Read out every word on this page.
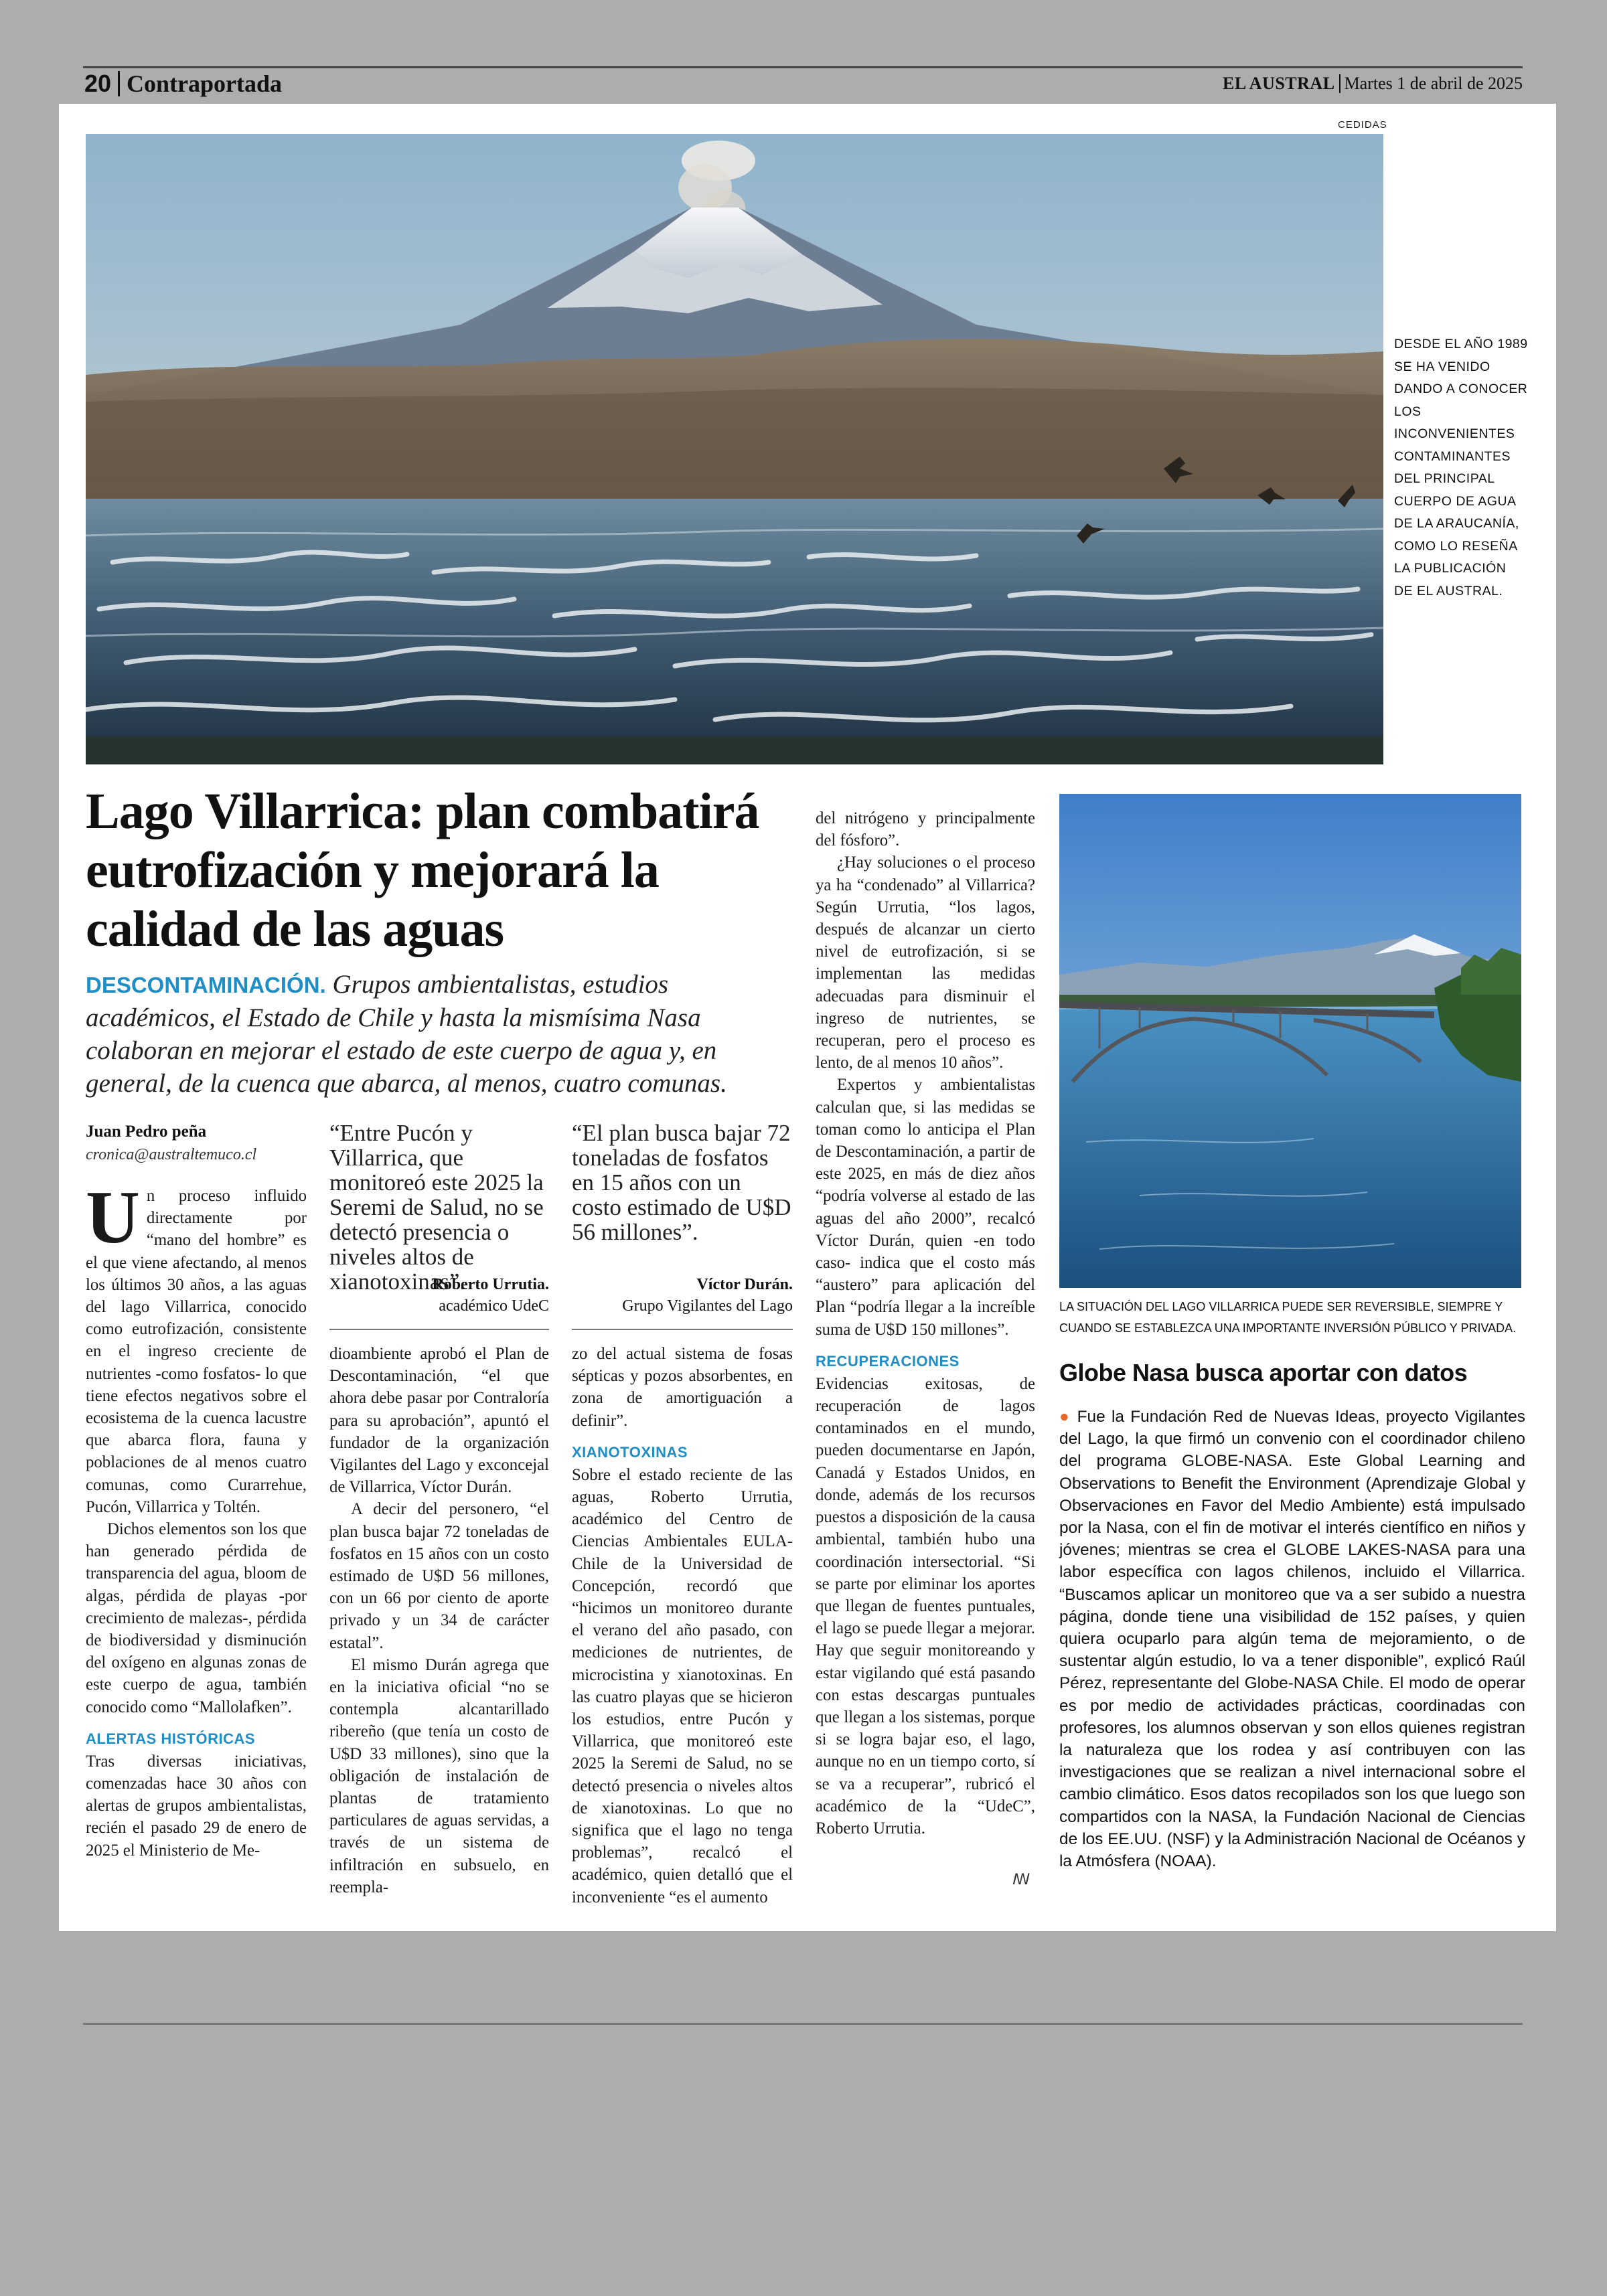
20 Contraportada	EL AUSTRAL Martes 1 de abril de 2025
CEDIDAS
DESDE EL AÑO 1989 SE HA VENIDO DANDO A CONOCER LOS INCONVENIENTES CONTAMINANTES DEL PRINCIPAL CUERPO DE AGUA DE LA ARAUCANÍA, COMO LO RESEÑA LA PUBLICACIÓN DE EL AUSTRAL.
Lago Villarrica: plan combatirá eutrofización y mejorará la calidad de las aguas
DESCONTAMINACIÓN. Grupos ambientalistas, estudios académicos, el Estado de Chile y hasta la mismísima Nasa colaboran en mejorar el estado de este cuerpo de agua y, en general, de la cuenca que abarca, al menos, cuatro comunas.
Juan Pedro peña
cronica@australtemuco.cl

Un proceso influido directamente por “mano del hombre” es el que viene afectando, al menos los últimos 30 años, a las aguas del lago Villarrica, conocido como eutrofización, consistente en el ingreso creciente de nutrientes -como fosfatos- lo que tiene efectos negativos sobre el ecosistema de la cuenca lacustre que abarca flora, fauna y poblaciones de al menos cuatro comunas, como Curarrehue, Pucón, Villarrica y Toltén.

Dichos elementos son los que han generado pérdida de transparencia del agua, bloom de algas, pérdida de playas -por crecimiento de malezas-, pérdida de biodiversidad y disminución del oxígeno en algunas zonas de este cuerpo de agua, también conocido como “Mallolafken”.

ALERTAS HISTÓRICAS

Tras diversas iniciativas, comenzadas hace 30 años con alertas de grupos ambientalistas, recién el pasado 29 de enero de 2025 el Ministerio de Me-

“Entre Pucón y Villarrica, que monitoreó este 2025 la Seremi de Salud, no se detectó presencia o niveles altos de xianotoxinas”.
Roberto Urrutia.
académico UdeC

dioambiente aprobó el Plan de Descontaminación, “el que ahora debe pasar por Contraloría para su aprobación”, apuntó el fundador de la organización Vigilantes del Lago y exconcejal de Villarrica, Víctor Durán.

A decir del personero, “el plan busca bajar 72 toneladas de fosfatos en 15 años con un costo estimado de U$D 56 millones, con un 66 por ciento de aporte privado y un 34 de carácter estatal”.

El mismo Durán agrega que en la iniciativa oficial “no se contempla alcantarillado ribereño (que tenía un costo de U$D 33 millones), sino que la obligación de instalación de plantas de tratamiento particulares de aguas servidas, a través de un sistema de infiltración en subsuelo, en reempla-

“El plan busca bajar 72 toneladas de fosfatos en 15 años con un costo estimado de U$D 56 millones”.
Víctor Durán.
Grupo Vigilantes del Lago

zo del actual sistema de fosas sépticas y pozos absorbentes, en zona de amortiguación a definir”.

XIANOTOXINAS

Sobre el estado reciente de las aguas, Roberto Urrutia, académico del Centro de Ciencias Ambientales EULA-Chile de la Universidad de Concepción, recordó que “hicimos un monitoreo durante el verano del año pasado, con mediciones de nutrientes, de microcistina y xianotoxinas. En las cuatro playas que se hicieron los estudios, entre Pucón y Villarrica, que monitoreó este 2025 la Seremi de Salud, no se detectó presencia o niveles altos de xianotoxinas. Lo que no significa que el lago no tenga problemas”, recalcó el académico, quien detalló que el inconveniente “es el aumento

del nitrógeno y principalmente del fósforo”.

¿Hay soluciones o el proceso ya ha “condenado” al Villarrica? Según Urrutia, “los lagos, después de alcanzar un cierto nivel de eutrofización, si se implementan las medidas adecuadas para disminuir el ingreso de nutrientes, se recuperan, pero el proceso es lento, de al menos 10 años”.

Expertos y ambientalistas calculan que, si las medidas se toman como lo anticipa el Plan de Descontaminación, a partir de este 2025, en más de diez años “podría volverse al estado de las aguas del año 2000”, recalcó Víctor Durán, quien -en todo caso- indica que el costo más “austero” para aplicación del Plan “podría llegar a la increíble suma de U$D 150 millones”.

RECUPERACIONES

Evidencias exitosas, de recuperación de lagos contaminados en el mundo, pueden documentarse en Japón, Canadá y Estados Unidos, en donde, además de los recursos puestos a disposición de la causa ambiental, también hubo una coordinación intersectorial. “Si se parte por eliminar los aportes que llegan de fuentes puntuales, el lago se puede llegar a mejorar. Hay que seguir monitoreando y estar vigilando qué está pasando con estas descargas puntuales que llegan a los sistemas, porque si se logra bajar eso, el lago, aunque no en un tiempo corto, sí se va a recuperar”, rubricó el académico de la “UdeC”, Roberto Urrutia.

ꟿ
LA SITUACIÓN DEL LAGO VILLARRICA PUEDE SER REVERSIBLE, SIEMPRE Y CUANDO SE ESTABLEZCA UNA IMPORTANTE INVERSIÓN PÚBLICO Y PRIVADA.
Globe Nasa busca aportar con datos
● Fue la Fundación Red de Nuevas Ideas, proyecto Vigilantes del Lago, la que firmó un convenio con el coordinador chileno del programa GLOBE-NASA. Este Global Learning and Observations to Benefit the Environment (Aprendizaje Global y Observaciones en Favor del Medio Ambiente) está impulsado por la Nasa, con el fin de motivar el interés científico en niños y jóvenes; mientras se crea el GLOBE LAKES-NASA para una labor específica con lagos chilenos, incluido el Villarrica. “Buscamos aplicar un monitoreo que va a ser subido a nuestra página, donde tiene una visibilidad de 152 países, y quien quiera ocuparlo para algún tema de mejoramiento, o de sustentar algún estudio, lo va a tener disponible”, explicó Raúl Pérez, representante del Globe-NASA Chile. El modo de operar es por medio de actividades prácticas, coordinadas con profesores, los alumnos observan y son ellos quienes registran la naturaleza que los rodea y así contribuyen con las investigaciones que se realizan a nivel internacional sobre el cambio climático. Esos datos recopilados son los que luego son compartidos con la NASA, la Fundación Nacional de Ciencias de los EE.UU. (NSF) y la Administración Nacional de Océanos y la Atmósfera (NOAA).
